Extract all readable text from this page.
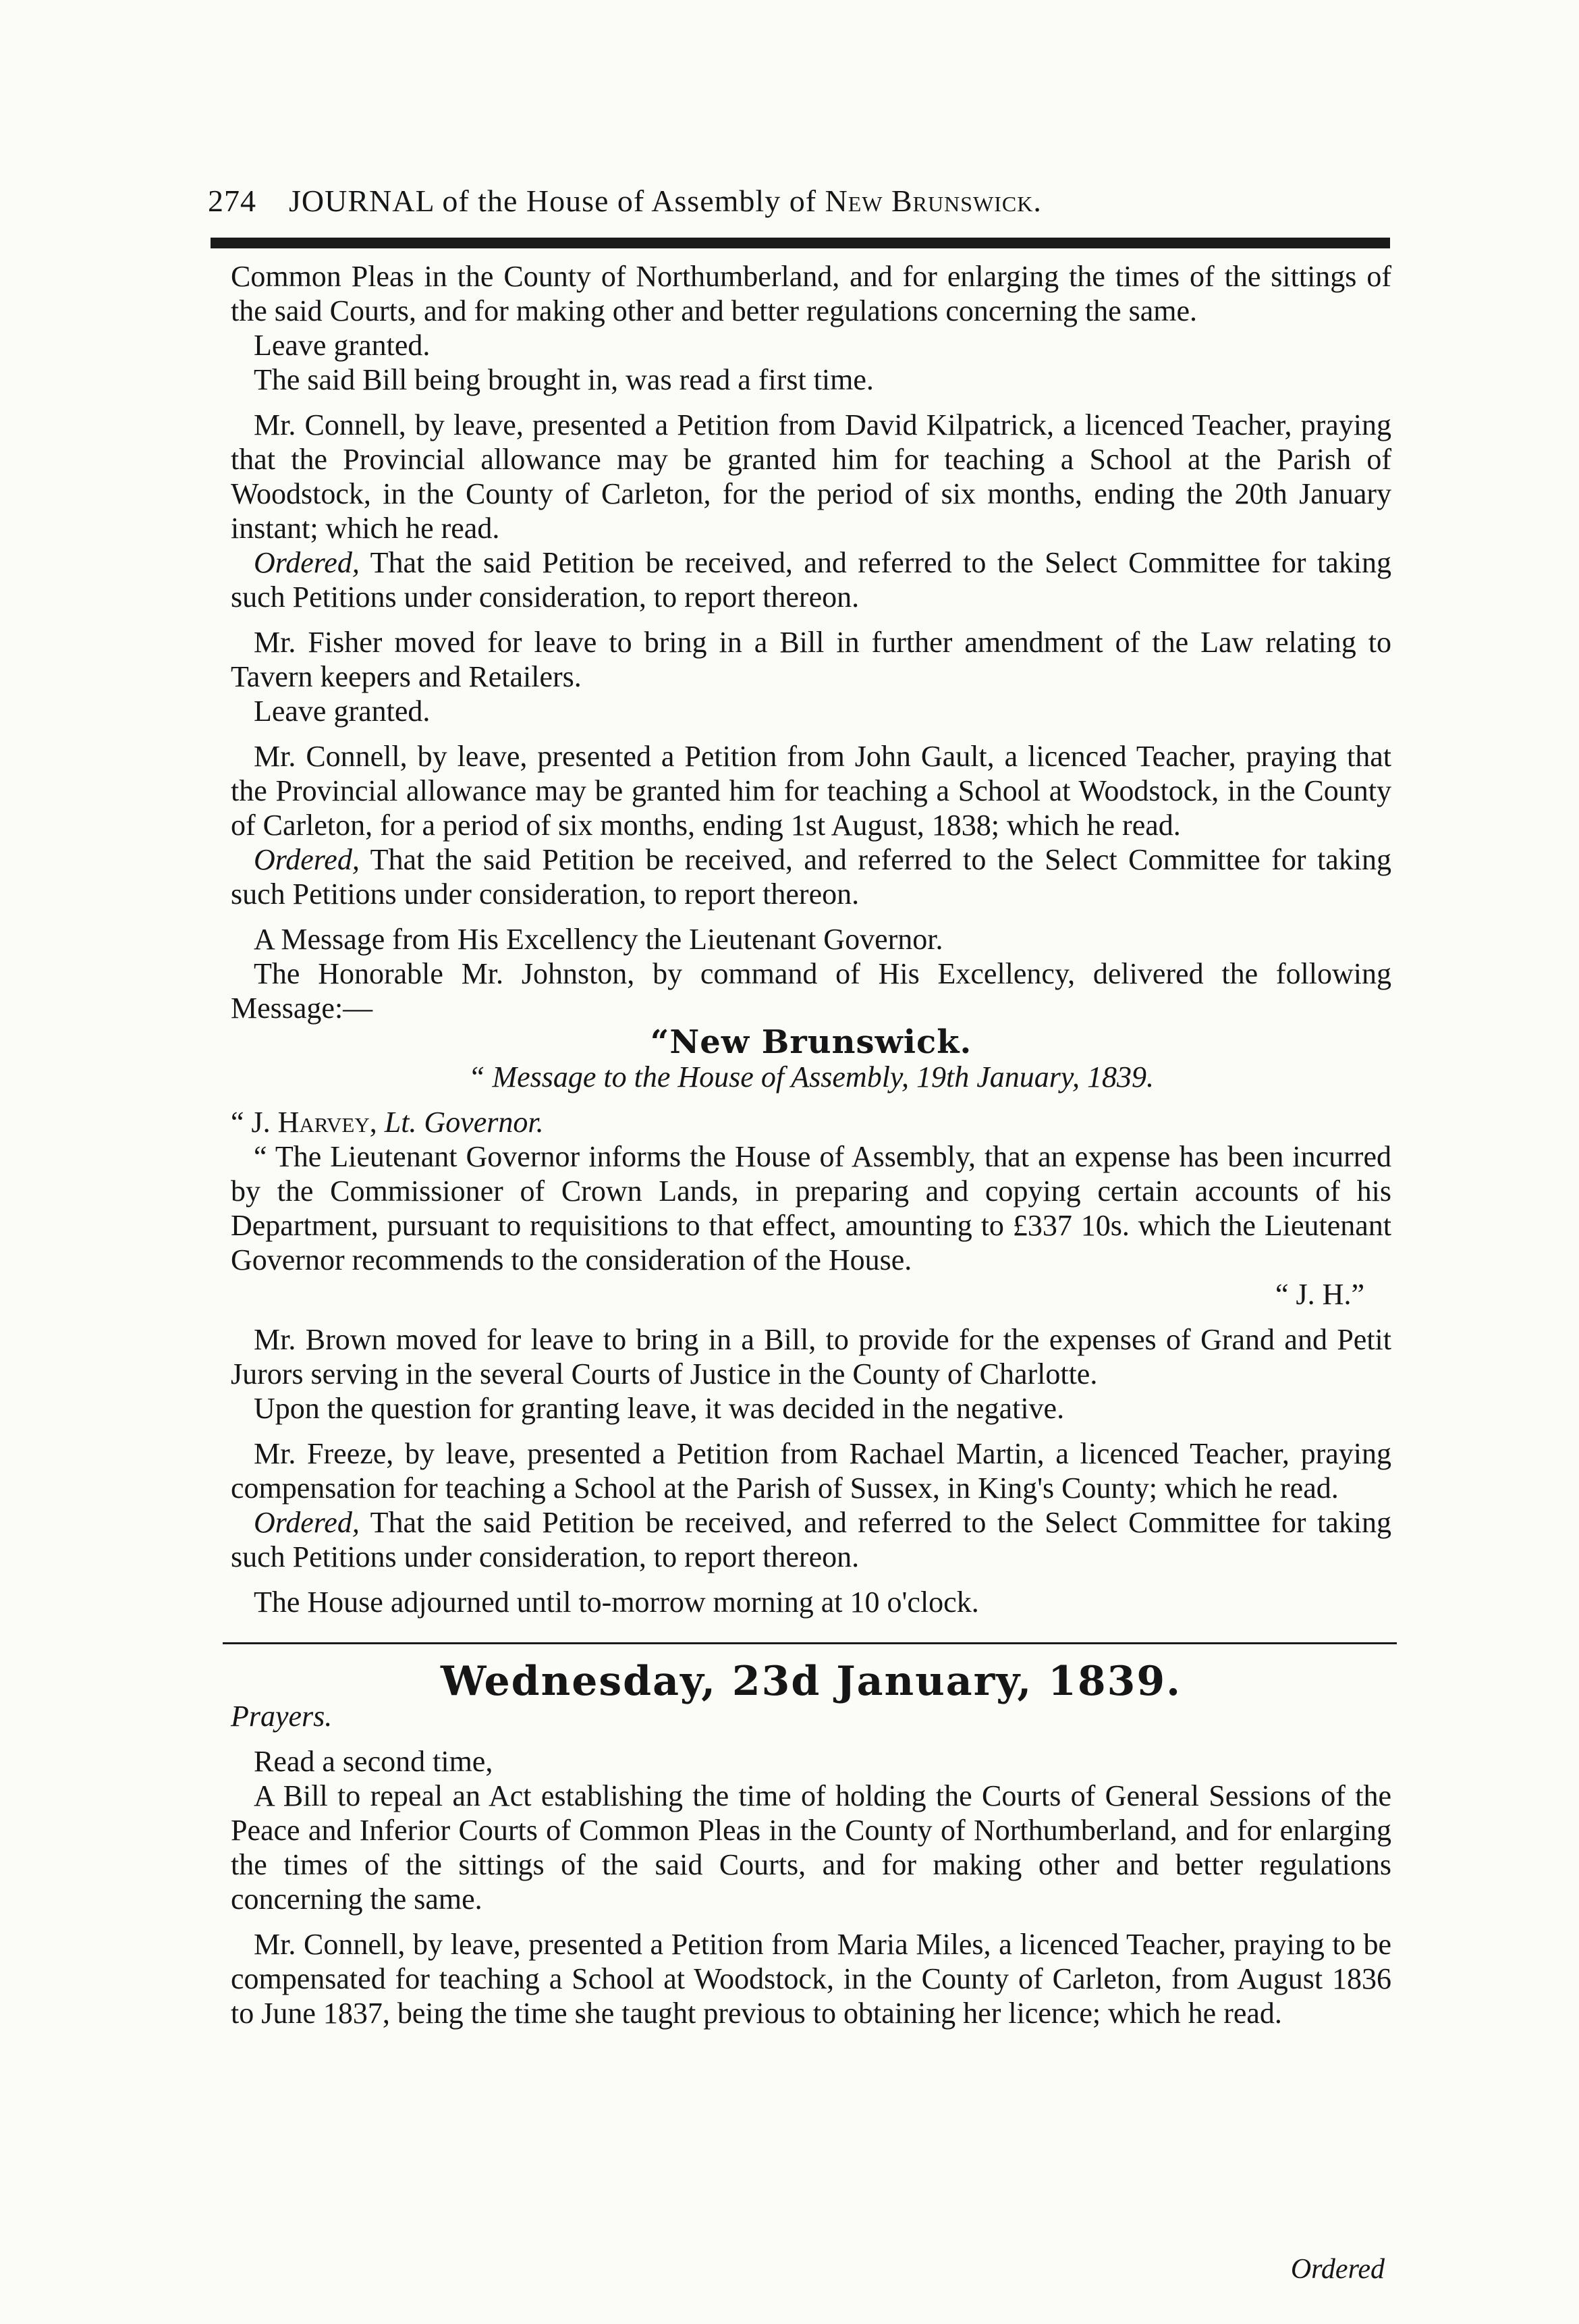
274 JOURNAL of the House of Assembly of New Brunswick.

Common Pleas in the County of Northumberland, and for enlarging the times of the sittings of the said Courts, and for making other and better regulations concerning the same.

Leave granted.

The said Bill being brought in, was read a first time.

Mr. Connell, by leave, presented a Petition from David Kilpatrick, a licenced Teacher, praying that the Provincial allowance may be granted him for teaching a School at the Parish of Woodstock, in the County of Carleton, for the period of six months, ending the 20th January instant; which he read.

Ordered, That the said Petition be received, and referred to the Select Committee for taking such Petitions under consideration, to report thereon.

Mr. Fisher moved for leave to bring in a Bill in further amendment of the Law relating to Tavern keepers and Retailers.

Leave granted.

Mr. Connell, by leave, presented a Petition from John Gault, a licenced Teacher, praying that the Provincial allowance may be granted him for teaching a School at Woodstock, in the County of Carleton, for a period of six months, ending 1st August, 1838; which he read.

Ordered, That the said Petition be received, and referred to the Select Committee for taking such Petitions under consideration, to report thereon.

A Message from His Excellency the Lieutenant Governor.

The Honorable Mr. Johnston, by command of His Excellency, delivered the following Message:—

“New Brunswick.

“ Message to the House of Assembly, 19th January, 1839.

“ J. Harvey, Lt. Governor.

“ The Lieutenant Governor informs the House of Assembly, that an expense has been incurred by the Commissioner of Crown Lands, in preparing and copying certain accounts of his Department, pursuant to requisitions to that effect, amounting to £337 10s. which the Lieutenant Governor recommends to the consideration of the House.

“ J. H.”

Mr. Brown moved for leave to bring in a Bill, to provide for the expenses of Grand and Petit Jurors serving in the several Courts of Justice in the County of Charlotte.

Upon the question for granting leave, it was decided in the negative.

Mr. Freeze, by leave, presented a Petition from Rachael Martin, a licenced Teacher, praying compensation for teaching a School at the Parish of Sussex, in King's County; which he read.

Ordered, That the said Petition be received, and referred to the Select Committee for taking such Petitions under consideration, to report thereon.

The House adjourned until to-morrow morning at 10 o'clock.

Wednesday, 23d January, 1839.

Prayers.

Read a second time,

A Bill to repeal an Act establishing the time of holding the Courts of General Sessions of the Peace and Inferior Courts of Common Pleas in the County of Northumberland, and for enlarging the times of the sittings of the said Courts, and for making other and better regulations concerning the same.

Mr. Connell, by leave, presented a Petition from Maria Miles, a licenced Teacher, praying to be compensated for teaching a School at Woodstock, in the County of Carleton, from August 1836 to June 1837, being the time she taught previous to obtaining her licence; which he read.

Ordered
